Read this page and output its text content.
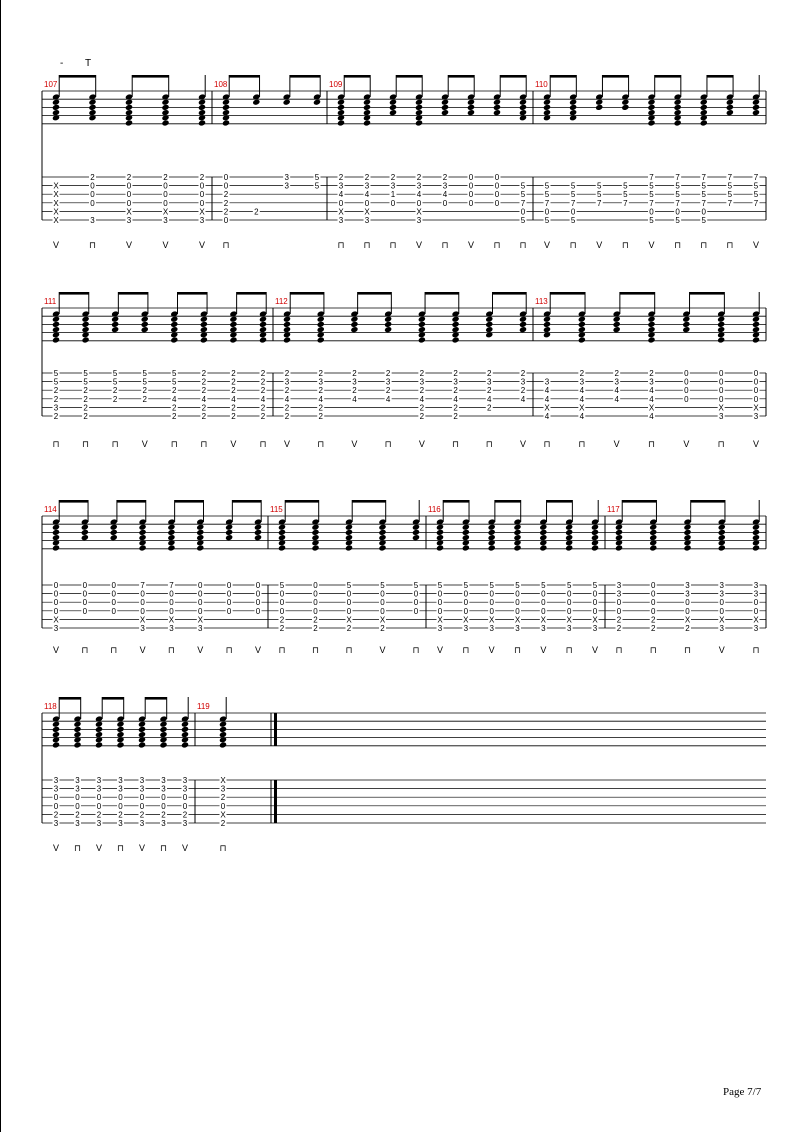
- T
107
X
X
X
X
X
V
2
0
0
0
3
⊓
2
0
0
0
X
3
V
2
0
0
0
X
3
V
2
0
0
0
X
3
V
108
0
0
2
2
2
0
⊓
2
3
3
5
5
109
2
3
4
0
X
3
⊓
2
3
4
0
X
3
⊓
2
3
1
0
⊓
2
3
4
0
X
3
V
2
3
4
0
⊓
0
0
0
0
V
0
0
0
0
⊓
5
5
7
0
5
⊓
110
5
5
7
0
5
V
5
5
7
0
5
⊓
5
5
7
V
5
5
7
⊓
7
5
5
7
0
5
V
7
5
5
7
0
5
⊓
7
5
5
7
0
5
⊓
7
5
5
7
⊓
7
5
5
7
V
111
5
5
2
2
3
2
⊓
5
5
2
2
2
2
⊓
5
5
2
2
⊓
5
5
2
2
V
5
5
2
4
2
2
⊓
2
2
2
4
2
2
⊓
2
2
2
4
2
2
V
2
2
2
4
2
2
⊓
112
2
3
2
4
2
2
V
2
3
2
4
2
2
⊓
2
3
2
4
V
2
3
2
4
⊓
2
3
2
4
2
2
V
2
3
2
4
2
2
⊓
2
3
2
4
2
⊓
2
3
2
4
V
113
3
4
4
X
4
⊓
2
3
4
4
X
4
⊓
2
3
4
4
V
2
3
4
4
X
4
⊓
0
0
0
0
V
0
0
0
0
X
3
⊓
0
0
0
0
X
3
V
114
0
0
0
0
X
3
V
0
0
0
0
⊓
0
0
0
0
⊓
7
0
0
0
X
3
V
7
0
0
0
X
3
⊓
0
0
0
0
X
3
V
0
0
0
0
⊓
0
0
0
0
V
115
5
0
0
0
2
2
⊓
0
0
0
0
2
2
⊓
5
0
0
0
X
2
⊓
5
0
0
0
X
2
V
5
0
0
0
⊓
116
5
0
0
0
X
3
V
5
0
0
0
X
3
⊓
5
0
0
0
X
3
V
5
0
0
0
X
3
⊓
5
0
0
0
X
3
V
5
0
0
0
X
3
⊓
5
0
0
0
X
3
V
117
3
3
0
0
2
2
⊓
0
0
0
0
2
2
⊓
3
3
0
0
X
2
⊓
3
3
0
0
X
3
V
3
3
0
0
X
3
⊓
118
3
3
0
0
2
3
V
3
3
0
0
2
3
⊓
3
3
0
0
2
3
V
3
3
0
0
2
3
⊓
3
3
0
0
2
3
V
3
3
0
0
2
3
⊓
3
3
0
0
2
3
V
119
X
3
2
0
X
2
⊓
Page 7/7
